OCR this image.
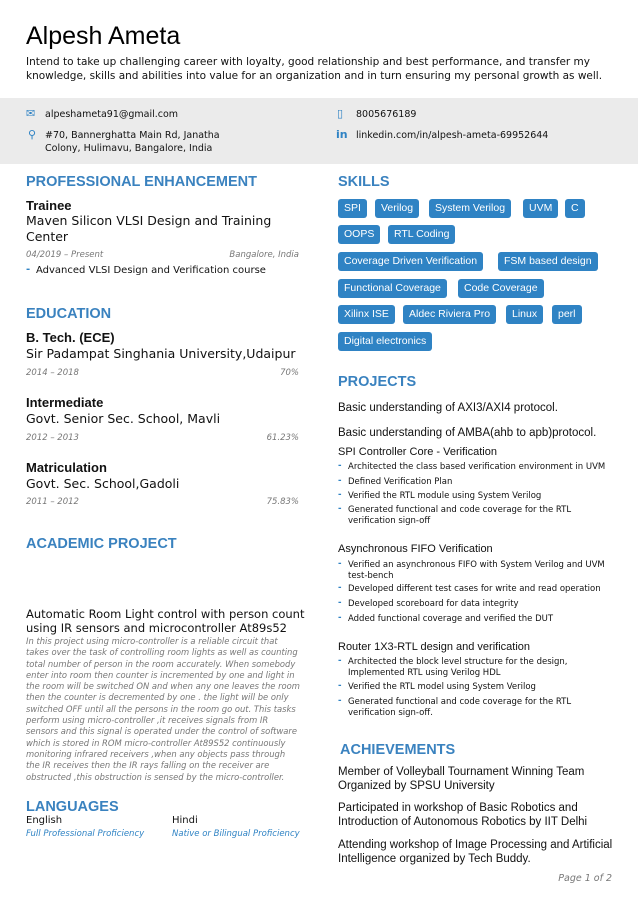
Alpesh Ameta
Intend to take up challenging career with loyalty, good relationship and best performance, and transfer my knowledge, skills and abilities into value for an organization and in turn ensuring my personal growth as well.
✉ alpeshameta91@gmail.com
⚲ #70, Bannerghatta Main Rd, Janatha Colony, Hulimavu, Bangalore, India
▯ 8005676189
in linkedin.com/in/alpesh-ameta-69952644
PROFESSIONAL ENHANCEMENT
Trainee
Maven Silicon VLSI Design and Training Center
04/2019 – Present	Bangalore, India
- Advanced VLSI Design and Verification course
EDUCATION
B. Tech. (ECE)
Sir Padampat Singhania University,Udaipur
2014 – 2018	70%
Intermediate
Govt. Senior Sec. School, Mavli
2012 – 2013	61.23%
Matriculation
Govt. Sec. School,Gadoli
2011 – 2012	75.83%
ACADEMIC PROJECT
Automatic Room Light control with person count using IR sensors and microcontroller At89s52
In this project using micro-controller is a reliable circuit that takes over the task of controlling room lights as well as counting total number of person in the room accurately. When somebody enter into room then counter is incremented by one and light in the room will be switched ON and when any one leaves the room then the counter is decremented by one . the light will be only switched OFF until all the persons in the room go out. This tasks perform using micro-controller ,it receives signals from IR sensors and this signal is operated under the control of software which is stored in ROM micro-controller At89S52 continuously monitoring infrared receivers ,when any objects pass through the IR receives then the IR rays falling on the receiver are obstructed ,this obstruction is sensed by the micro-controller.
LANGUAGES
English
Full Professional Proficiency
Hindi
Native or Bilingual Proficiency
SKILLS
SPI	Verilog	System Verilog	UVM	C
OOPS	RTL Coding
Coverage Driven Verification	FSM based design
Functional Coverage	Code Coverage
Xilinx ISE	Aldec Riviera Pro	Linux	perl
Digital electronics
PROJECTS
Basic understanding of AXI3/AXI4 protocol.
Basic understanding of AMBA(ahb to apb)protocol.
SPI Controller Core - Verification
- Architected the class based verification environment in UVM
- Defined Verification Plan
- Verified the RTL module using System Verilog
- Generated functional and code coverage for the RTL verification sign-off
Asynchronous FIFO Verification
- Verified an asynchronous FIFO with System Verilog and UVM test-bench
- Developed different test cases for write and read operation
- Developed scoreboard for data integrity
- Added functional coverage and verified the DUT
Router 1X3-RTL design and verification
- Architected the block level structure for the design, Implemented RTL using Verilog HDL
- Verified the RTL model using System Verilog
- Generated functional and code coverage for the RTL verification sign-off.
ACHIEVEMENTS
Member of Volleyball Tournament Winning Team Organized by SPSU University
Participated in workshop of Basic Robotics and Introduction of Autonomous Robotics by IIT Delhi
Attending workshop of Image Processing and Artificial Intelligence organized by Tech Buddy.
Page 1 of 2
